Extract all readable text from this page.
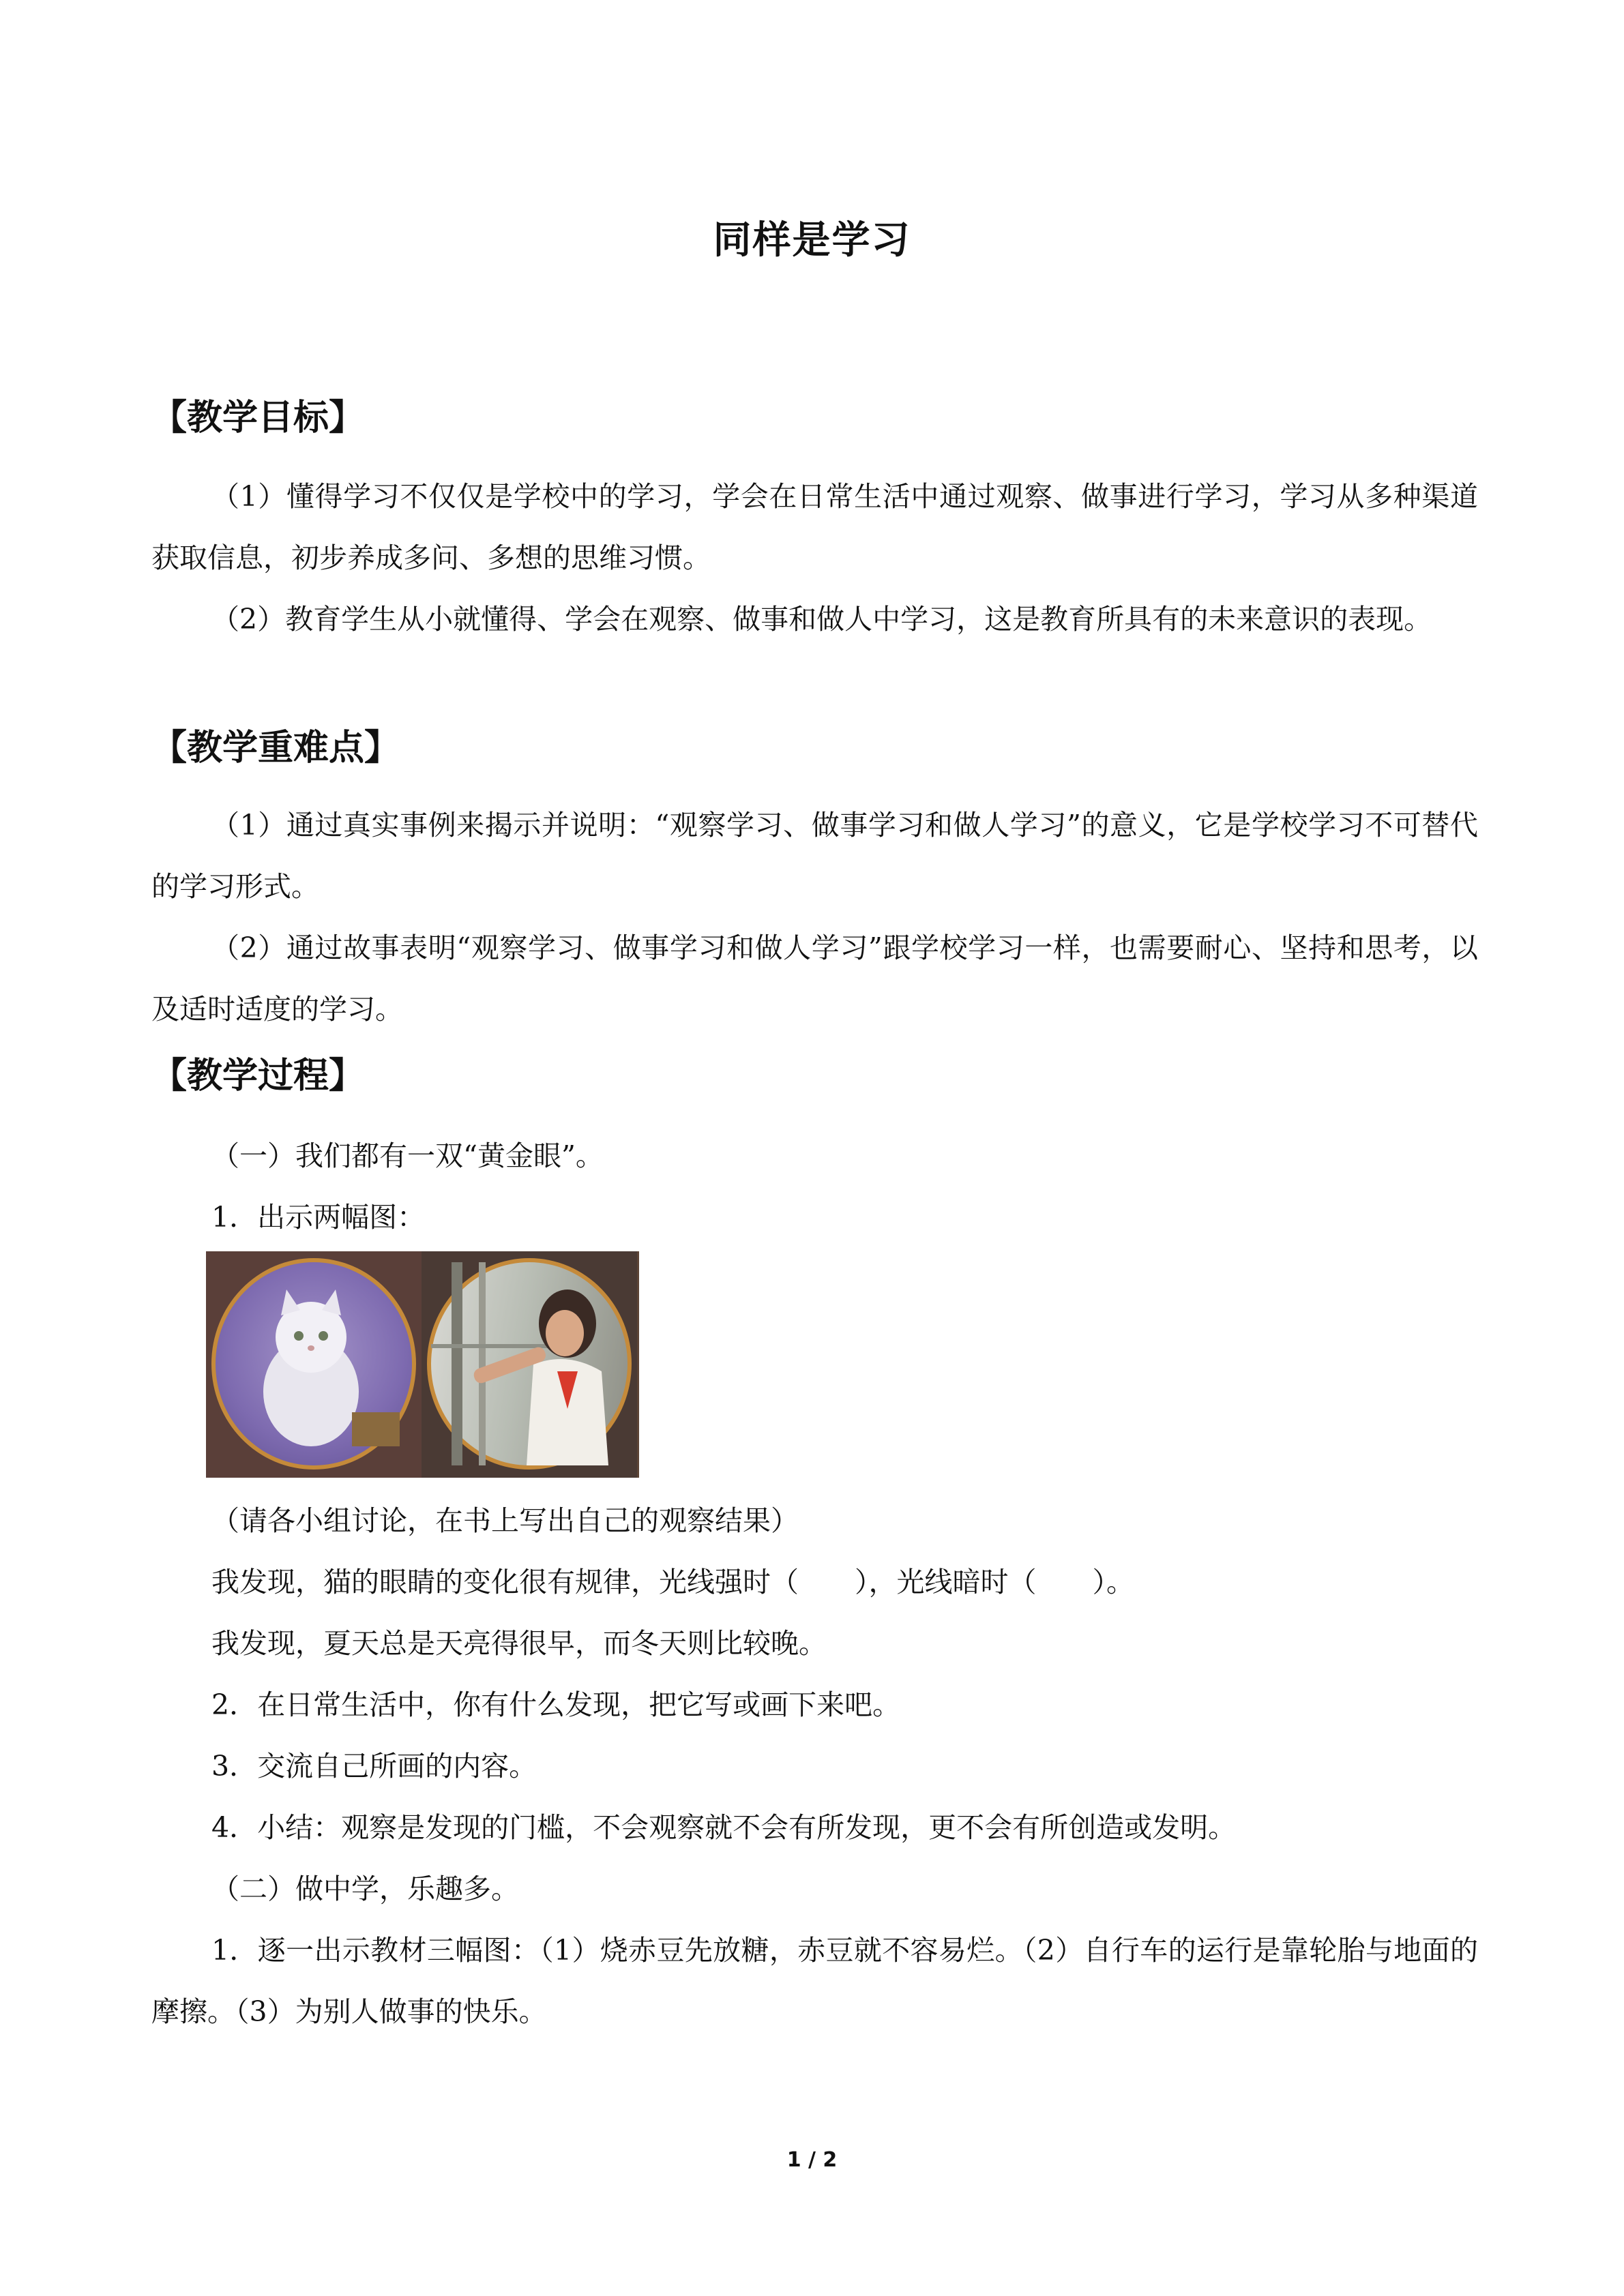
同样是学习
【教学目标】

（1）懂得学习不仅仅是学校中的学习，学会在日常生活中通过观察、做事进行学习，学习从多种渠道获取信息，初步养成多问、多想的思维习惯。

（2）教育学生从小就懂得、学会在观察、做事和做人中学习，这是教育所具有的未来意识的表现。

【教学重难点】

（1）通过真实事例来揭示并说明：“观察学习、做事学习和做人学习”的意义，它是学校学习不可替代的学习形式。

（2）通过故事表明“观察学习、做事学习和做人学习”跟学校学习一样，也需要耐心、坚持和思考，以及适时适度的学习。

【教学过程】

（一）我们都有一双“黄金眼”。

1．出示两幅图：

（请各小组讨论，在书上写出自己的观察结果）

我发现，猫的眼睛的变化很有规律，光线强时（　　），光线暗时（　　）。

我发现，夏天总是天亮得很早，而冬天则比较晚。

2．在日常生活中，你有什么发现，把它写或画下来吧。

3．交流自己所画的内容。

4．小结：观察是发现的门槛，不会观察就不会有所发现，更不会有所创造或发明。

（二）做中学，乐趣多。

1．逐一出示教材三幅图：（1）烧赤豆先放糖，赤豆就不容易烂。（2）自行车的运行是靠轮胎与地面的摩擦。（3）为别人做事的快乐。

1 / 2
